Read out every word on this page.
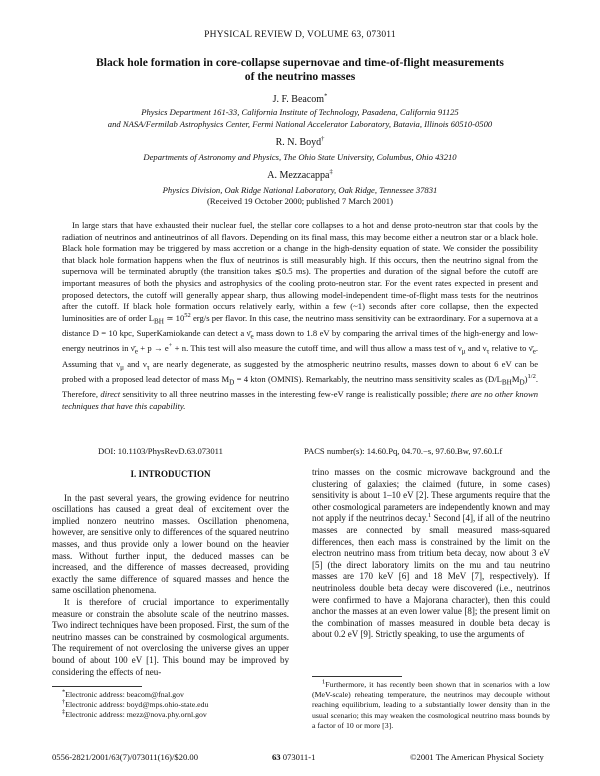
PHYSICAL REVIEW D, VOLUME 63, 073011
Black hole formation in core-collapse supernovae and time-of-flight measurements
of the neutrino masses
J. F. Beacom*
Physics Department 161-33, California Institute of Technology, Pasadena, California 91125
and NASA/Fermilab Astrophysics Center, Fermi National Accelerator Laboratory, Batavia, Illinois 60510-0500
R. N. Boyd†
Departments of Astronomy and Physics, The Ohio State University, Columbus, Ohio 43210
A. Mezzacappa‡
Physics Division, Oak Ridge National Laboratory, Oak Ridge, Tennessee 37831
(Received 19 October 2000; published 7 March 2001)

In large stars that have exhausted their nuclear fuel, the stellar core collapses to a hot and dense proto-neutron star that cools by the radiation of neutrinos and antineutrinos of all flavors. Depending on its final mass, this may become either a neutron star or a black hole. Black hole formation may be triggered by mass accretion or a change in the high-density equation of state. We consider the possibility that black hole formation happens when the flux of neutrinos is still measurably high. If this occurs, then the neutrino signal from the supernova will be terminated abruptly (the transition takes ≲0.5 ms). The properties and duration of the signal before the cutoff are important measures of both the physics and astrophysics of the cooling proto-neutron star. For the event rates expected in present and proposed detectors, the cutoff will generally appear sharp, thus allowing model-independent time-of-flight mass tests for the neutrinos after the cutoff. If black hole formation occurs relatively early, within a few (~1) seconds after core collapse, then the expected luminosities are of order $L_{BH}$ ≃ $10^{52}$ erg/s per flavor. In this case, the neutrino mass sensitivity can be extraordinary. For a supernova at a distance D = 10 kpc, SuperKamiokande can detect a $\nū_e$ mass down to 1.8 eV by comparing the arrival times of the high-energy and low-energy neutrinos in $\nū_e + p \to e^+ + n$. This test will also measure the cutoff time, and will thus allow a mass test of $\nu_\mu$ and $\nu_\tau$ relative to $\nū_e$. Assuming that $\nu_\mu$ and $\nu_\tau$ are nearly degenerate, as suggested by the atmospheric neutrino results, masses down to about 6 eV can be probed with a proposed lead detector of mass $M_D = 4$ kton (OMNIS). Remarkably, the neutrino mass sensitivity scales as $(D/L_{BH}M_D)^{1/2}$. Therefore, direct sensitivity to all three neutrino masses in the interesting few-eV range is realistically possible; there are no other known techniques that have this capability.

DOI: 10.1103/PhysRevD.63.073011	PACS number(s): 14.60.Pq, 04.70.−s, 97.60.Bw, 97.60.Lf
I. INTRODUCTION

In the past several years, the growing evidence for neutrino oscillations has caused a great deal of excitement over the implied nonzero neutrino masses. Oscillation phenomena, however, are sensitive only to differences of the squared neutrino masses, and thus provide only a lower bound on the heavier mass. Without further input, the deduced masses can be increased, and the difference of masses decreased, providing exactly the same difference of squared masses and hence the same oscillation phenomena.

It is therefore of crucial importance to experimentally measure or constrain the absolute scale of the neutrino masses. Two indirect techniques have been proposed. First, the sum of the neutrino masses can be constrained by cosmological arguments. The requirement of not overclosing the universe gives an upper bound of about 100 eV [1]. This bound may be improved by considering the effects of neu-

trino masses on the cosmic microwave background and the clustering of galaxies; the claimed (future, in some cases) sensitivity is about 1–10 eV [2]. These arguments require that the other cosmological parameters are independently known and may not apply if the neutrinos decay.$^1$ Second [4], if all of the neutrino masses are connected by small measured mass-squared differences, then each mass is constrained by the limit on the electron neutrino mass from tritium beta decay, now about 3 eV [5] (the direct laboratory limits on the mu and tau neutrino masses are 170 keV [6] and 18 MeV [7], respectively). If neutrinoless double beta decay were discovered (i.e., neutrinos were confirmed to have a Majorana character), then this could anchor the masses at an even lower value [8]; the present limit on the combination of masses measured in double beta decay is about 0.2 eV [9]. Strictly speaking, to use the arguments of

*Electronic address: beacom@fnal.gov

†Electronic address: boyd@mps.ohio-state.edu

‡Electronic address: mezz@nova.phy.ornl.gov

$^1$Furthermore, it has recently been shown that in scenarios with a low (MeV-scale) reheating temperature, the neutrinos may decouple without reaching equilibrium, leading to a substantially lower density than in the usual scenario; this may weaken the cosmological neutrino mass bounds by a factor of 10 or more [3].

0556-2821/2001/63(7)/073011(16)/$20.00	63 073011-1	©2001 The American Physical Society
